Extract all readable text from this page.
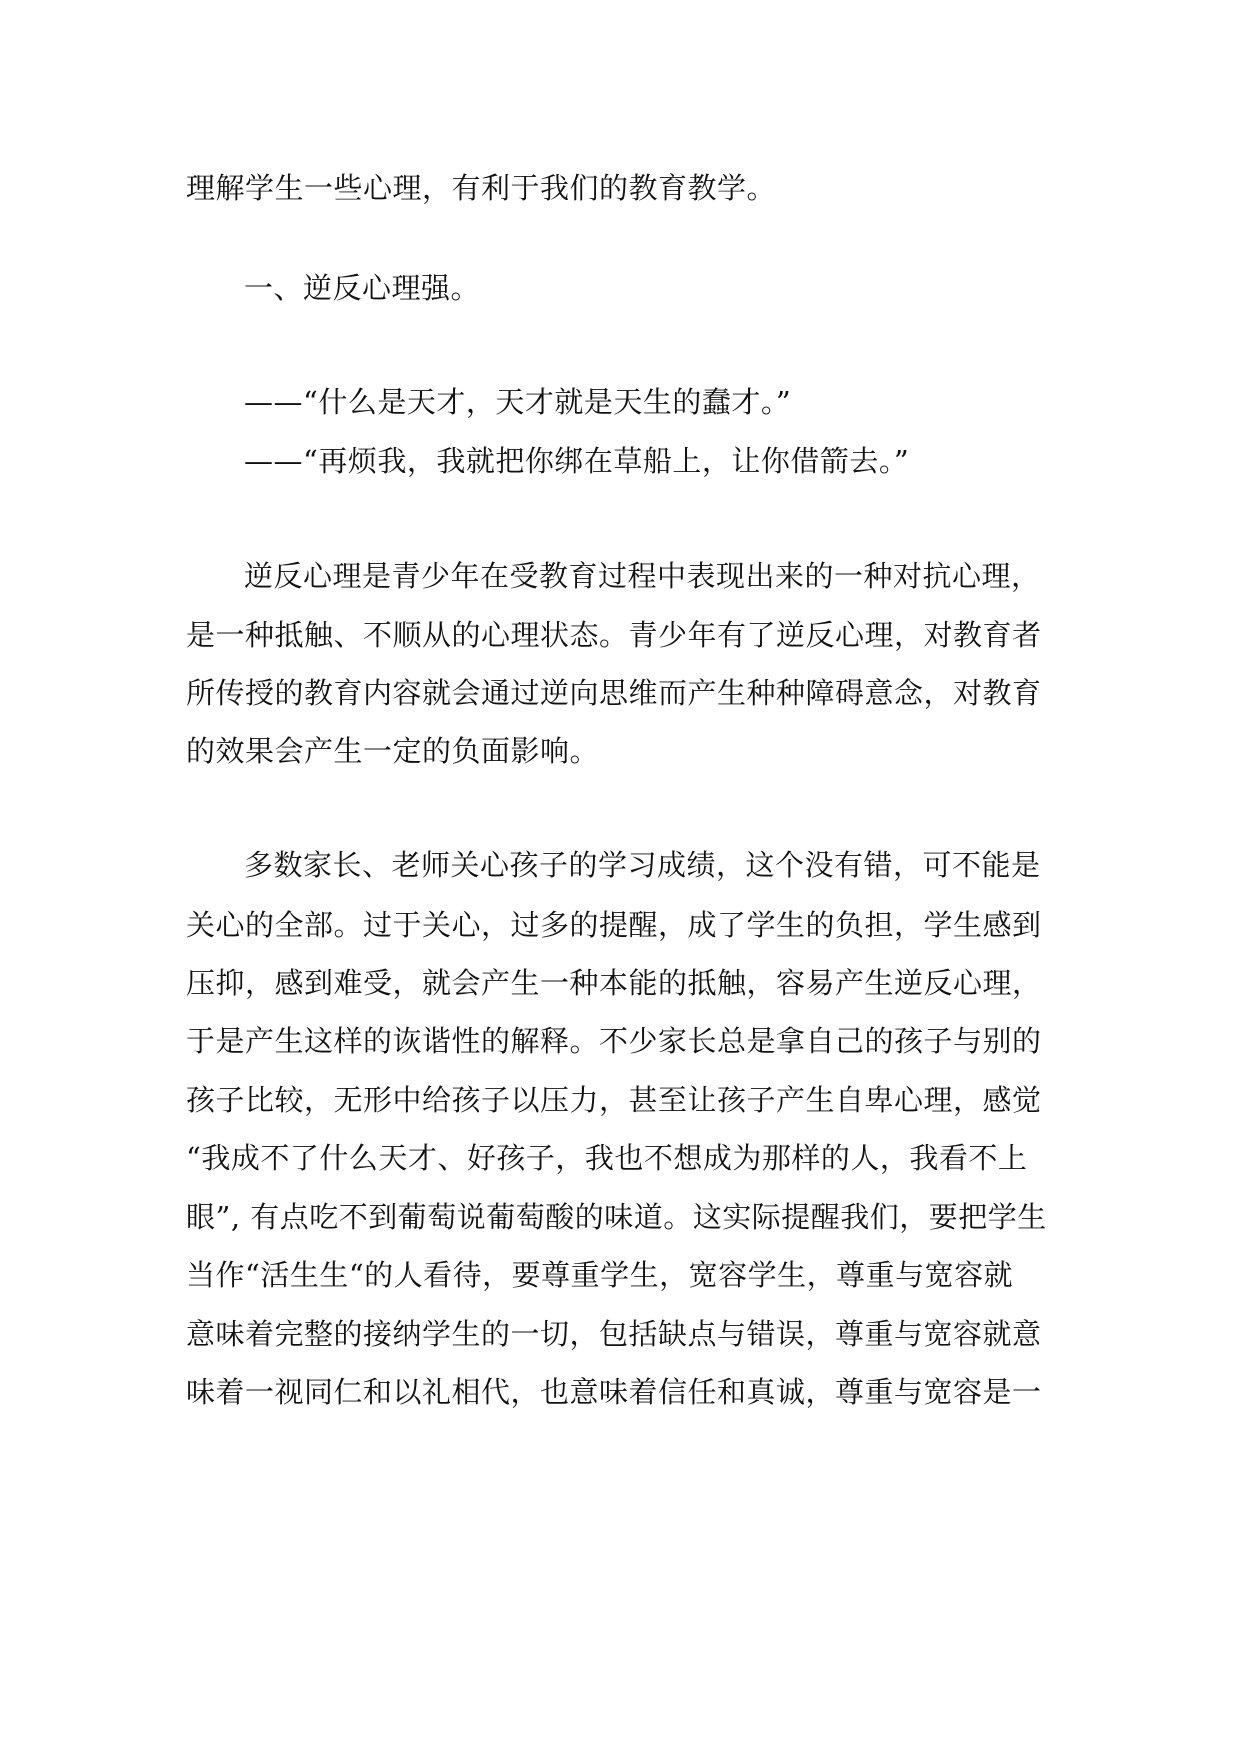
理解学生一些心理，有利于我们的教育教学。
一、逆反心理强。
——“什么是天才，天才就是天生的蠢才。”
——“再烦我，我就把你绑在草船上，让你借箭去。”
逆反心理是青少年在受教育过程中表现出来的一种对抗心理，
是一种抵触、不顺从的心理状态。青少年有了逆反心理，对教育者
所传授的教育内容就会通过逆向思维而产生种种障碍意念，对教育
的效果会产生一定的负面影响。
多数家长、老师关心孩子的学习成绩，这个没有错，可不能是
关心的全部。过于关心，过多的提醒，成了学生的负担，学生感到
压抑，感到难受，就会产生一种本能的抵触，容易产生逆反心理，
于是产生这样的诙谐性的解释。不少家长总是拿自己的孩子与别的
孩子比较，无形中给孩子以压力，甚至让孩子产生自卑心理，感觉
“我成不了什么天才、好孩子，我也不想成为那样的人，我看不上
眼”, 有点吃不到葡萄说葡萄酸的味道。这实际提醒我们，要把学生
当作“活生生“的人看待，要尊重学生，宽容学生，尊重与宽容就
意味着完整的接纳学生的一切，包括缺点与错误，尊重与宽容就意
味着一视同仁和以礼相代，也意味着信任和真诚，尊重与宽容是一
